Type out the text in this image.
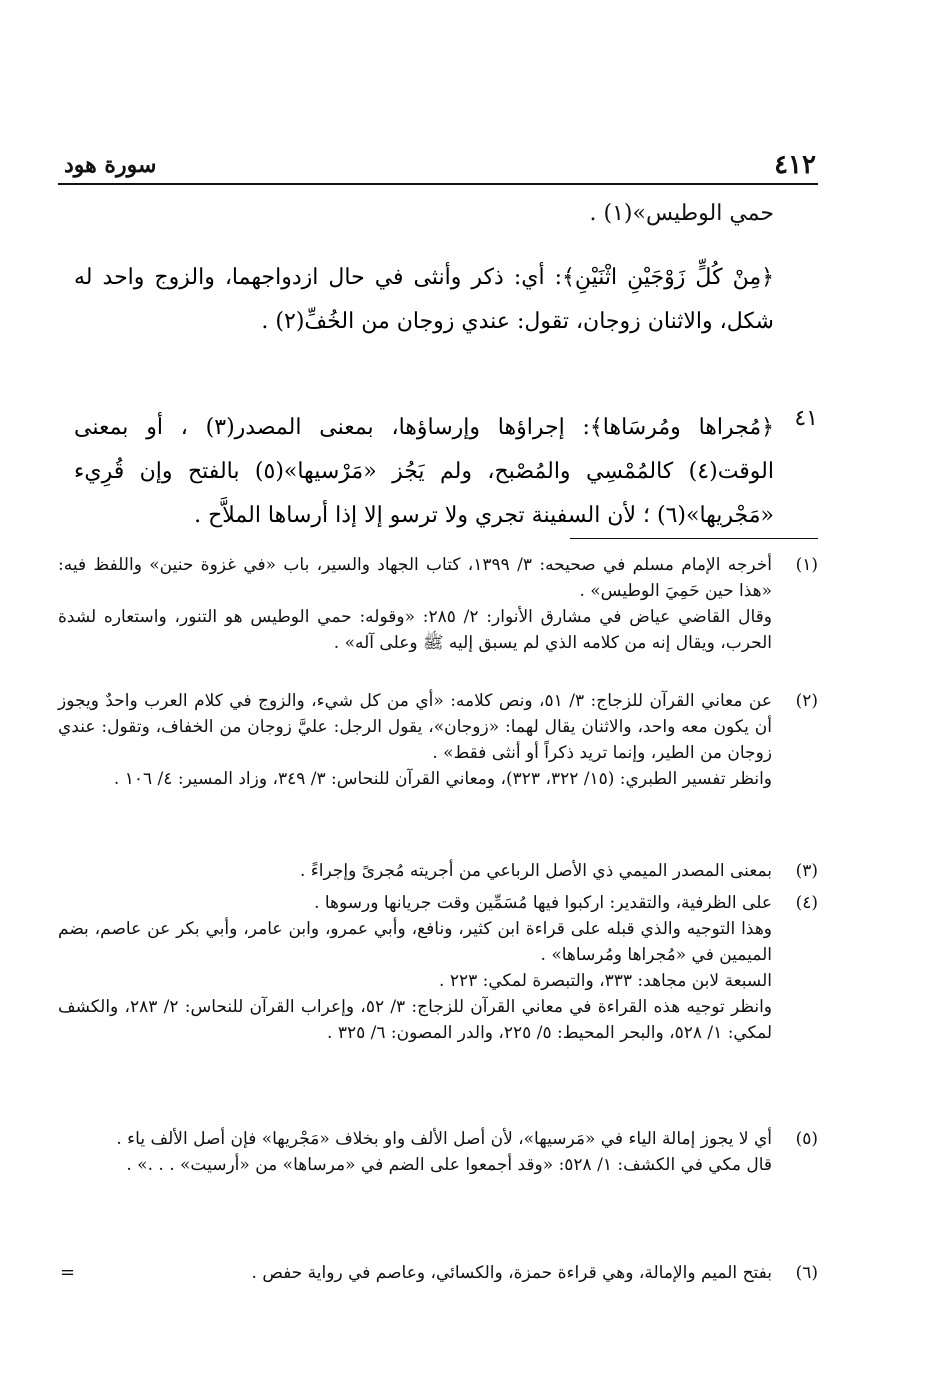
٤١٢
سورة هود

حمي الوطيس»(١) .

﴿مِنْ كُلٍّ زَوْجَيْنِ اثْنَيْنِ﴾: أي: ذكر وأنثى في حال ازدواجهما، والزوج واحد له شكل، والاثنان زوجان، تقول: عندي زوجان من الخُفِّ(٢) .

٤١

﴿مُجراها ومُرسَاها﴾: إجراؤها وإرساؤها، بمعنى المصدر(٣) ، أو بمعنى الوقت(٤) كالمُمْسِي والمُصْبح، ولم يَجُز «مَرْسيها»(٥) بالفتح وإن قُرِيء «مَجْريها»(٦) ؛ لأن السفينة تجري ولا ترسو إلا إذا أرساها الملاَّح .

(١)

أخرجه الإمام مسلم في صحيحه: ٣/ ١٣٩٩، كتاب الجهاد والسير، باب «في غزوة حنين» واللفظ فيه: «هذا حين حَمِيَ الوطيس» .

وقال القاضي عياض في مشارق الأنوار: ٢/ ٢٨٥: «وقوله: حمي الوطيس هو التنور، واستعاره لشدة الحرب، ويقال إنه من كلامه الذي لم يسبق إليه ﷺ وعلى آله» .

(٢)

عن معاني القرآن للزجاج: ٣/ ٥١، ونص كلامه: «أي من كل شيء، والزوج في كلام العرب واحدٌ ويجوز أن يكون معه واحد، والاثنان يقال لهما: «زوجان»، يقول الرجل: عليَّ زوجان من الخفاف، وتقول: عندي زوجان من الطير، وإنما تريد ذكراً أو أنثى فقط» .

وانظر تفسير الطبري: (١٥/ ٣٢٢، ٣٢٣)، ومعاني القرآن للنحاس: ٣/ ٣٤٩، وزاد المسير: ٤/ ١٠٦ .

(٣)

بمعنى المصدر الميمي ذي الأصل الرباعي من أجريته مُجرىً وإجراءً .

(٤)

على الظرفية، والتقدير: اركبوا فيها مُسَمِّين وقت جريانها ورسوها .

وهذا التوجيه والذي قبله على قراءة ابن كثير، ونافع، وأبي عمرو، وابن عامر، وأبي بكر عن عاصم، بضم الميمين في «مُجراها ومُرساها» .

السبعة لابن مجاهد: ٣٣٣، والتبصرة لمكي: ٢٢٣ .

وانظر توجيه هذه القراءة في معاني القرآن للزجاج: ٣/ ٥٢، وإعراب القرآن للنحاس: ٢/ ٢٨٣، والكشف لمكي: ١/ ٥٢٨، والبحر المحيط: ٥/ ٢٢٥، والدر المصون: ٦/ ٣٢٥ .

(٥)

أي لا يجوز إمالة الياء في «مَرسيها»، لأن أصل الألف واو بخلاف «مَجْريها» فإن أصل الألف ياء .

قال مكي في الكشف: ١/ ٥٢٨: «وقد أجمعوا على الضم في «مرساها» من «أرسيت» . . .» .

(٦)

بفتح الميم والإمالة، وهي قراءة حمزة، والكسائي، وعاصم في رواية حفص .

=
